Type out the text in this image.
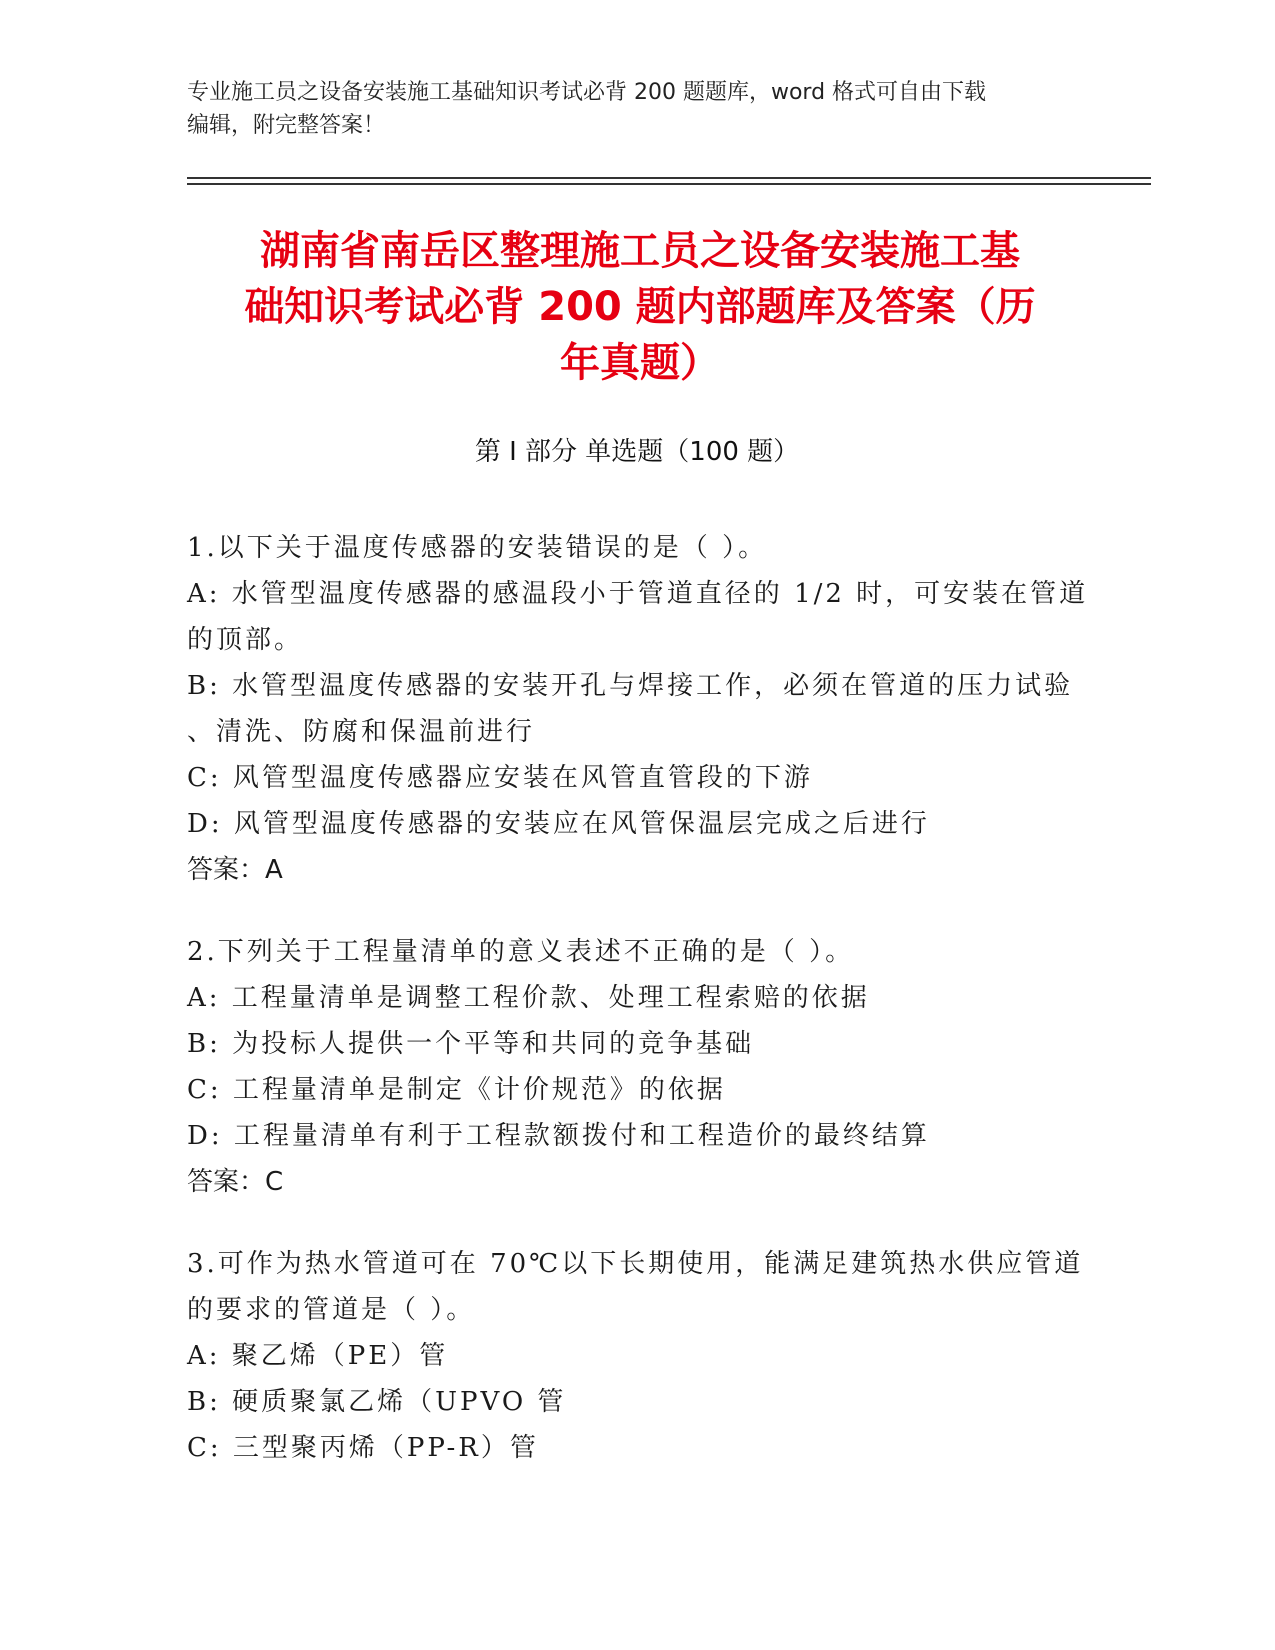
专业施工员之设备安装施工基础知识考试必背 200 题题库，word 格式可自由下载

编辑，附完整答案！

湖南省南岳区整理施工员之设备安装施工基
础知识考试必背 200 题内部题库及答案（历
年真题）
第 I 部分 单选题（100 题）

1.以下关于温度传感器的安装错误的是（ ）。

A: 水管型温度传感器的感温段小于管道直径的 1/2 时，可安装在管道

的顶部。

B: 水管型温度传感器的安装开孔与焊接工作，必须在管道的压力试验

、清洗、防腐和保温前进行

C: 风管型温度传感器应安装在风管直管段的下游

D: 风管型温度传感器的安装应在风管保温层完成之后进行

答案：A

2.下列关于工程量清单的意义表述不正确的是（ ）。

A: 工程量清单是调整工程价款、处理工程索赔的依据

B: 为投标人提供一个平等和共同的竞争基础

C: 工程量清单是制定《计价规范》的依据

D: 工程量清单有利于工程款额拨付和工程造价的最终结算

答案：C

3.可作为热水管道可在 70℃以下长期使用，能满足建筑热水供应管道

的要求的管道是（ ）。

A: 聚乙烯（PE）管

B: 硬质聚氯乙烯（UPVO 管

C: 三型聚丙烯（PP-R）管
